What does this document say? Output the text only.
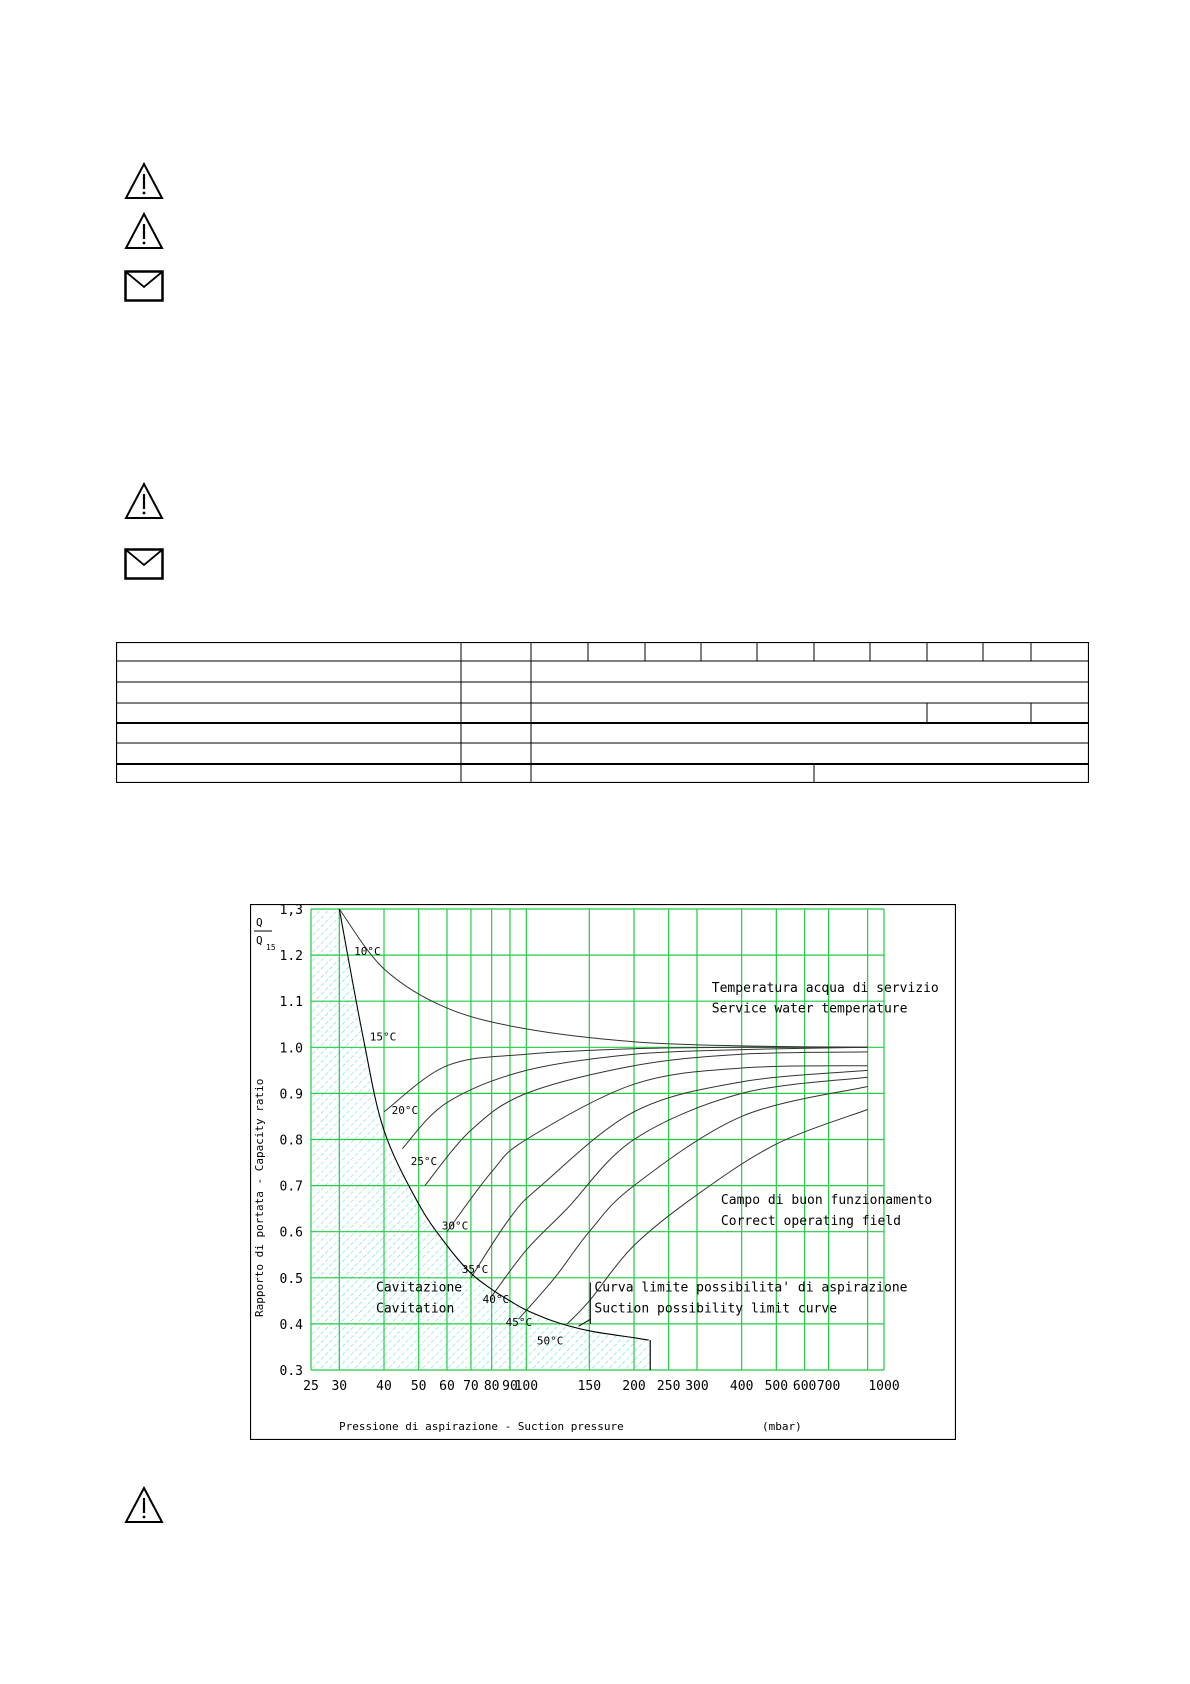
10°C
15°C
20°C
25°C
30°C
35°C
40°C
45°C
50°C
Temperatura acqua di servizio
Service water temperature
Campo di buon funzionamento
Correct operating field
Cavitazione
Cavitation
Curva limite possibilita' di aspirazione
Suction possibility limit curve
25 30 40 50 60 70 80 90
100	150 200 250 300 400 500 600 700 1000
0.3
0.4
0.5
0.6
0.7
0.8
0.9
1.0
1.1
1.2
1,3
Rapporto di portata - Capacity ratio
Pressione di aspirazione - Suction pressure	(mbar)
Q
Q
15
